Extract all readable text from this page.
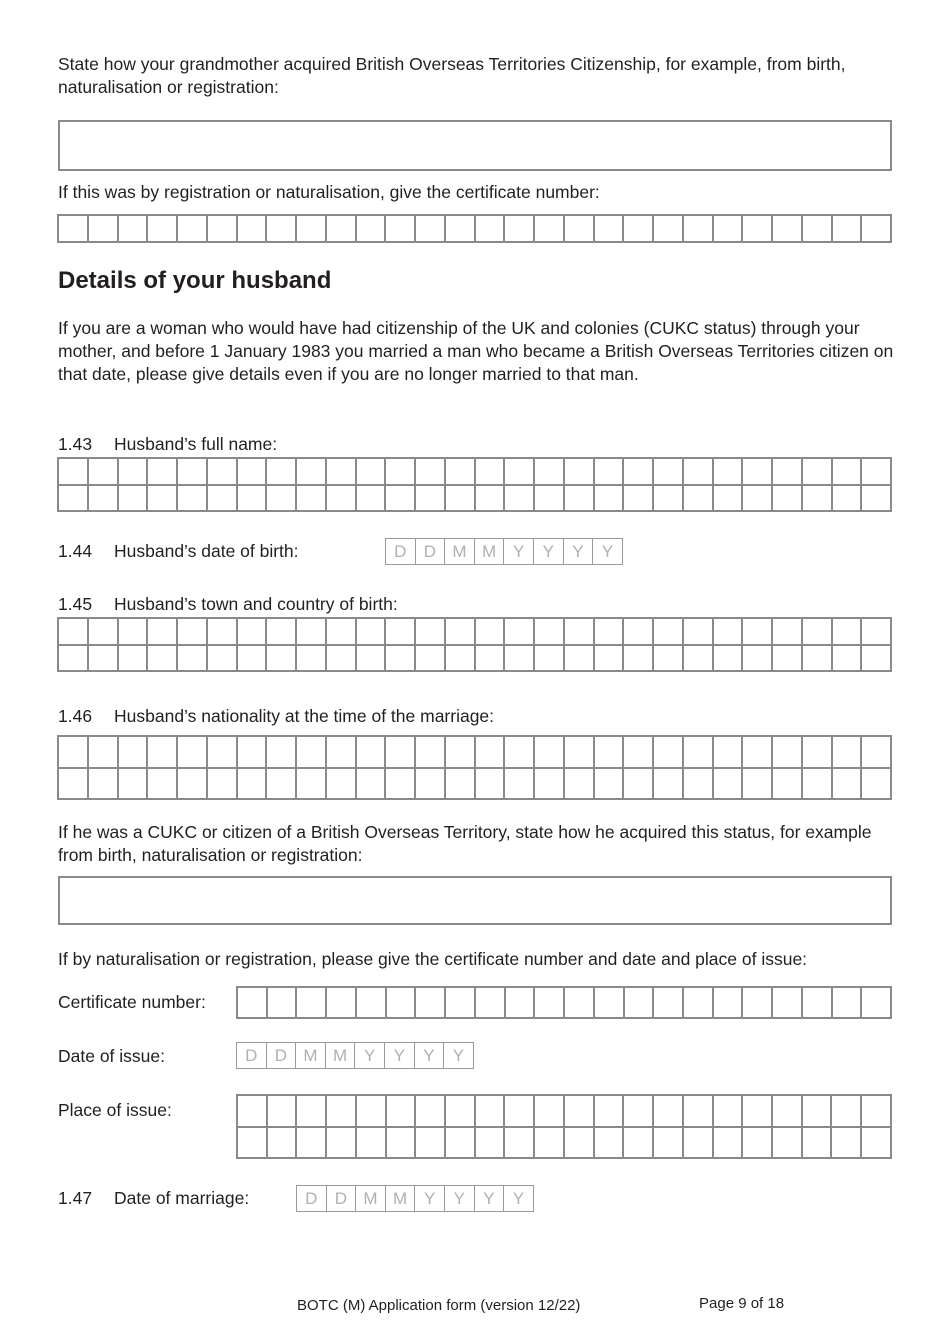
State how your grandmother acquired British Overseas Territories Citizenship, for example, from birth, naturalisation or registration:
If this was by registration or naturalisation, give the certificate number:
Details of your husband
If you are a woman who would have had citizenship of the UK and colonies (CUKC status) through your mother, and before 1 January 1983 you married a man who became a British Overseas Territories citizen on that date, please give details even if you are no longer married to that man.
1.43 Husband’s full name:
1.44 Husband’s date of birth:	D	D M M Y	Y	Y	Y
1.45 Husband’s town and country of birth:
1.46 Husband’s nationality at the time of the marriage:
If he was a CUKC or citizen of a British Overseas Territory, state how he acquired this status, for example from birth, naturalisation or registration:
If by naturalisation or registration, please give the certificate number and date and place of issue:
Certificate number:
Date of issue:	D	D M M Y	Y	Y	Y
Place of issue:
1.47 Date of marriage:	D	D M M Y	Y	Y	Y
BOTC (M) Application form (version 12/22)	Page 9 of 18
